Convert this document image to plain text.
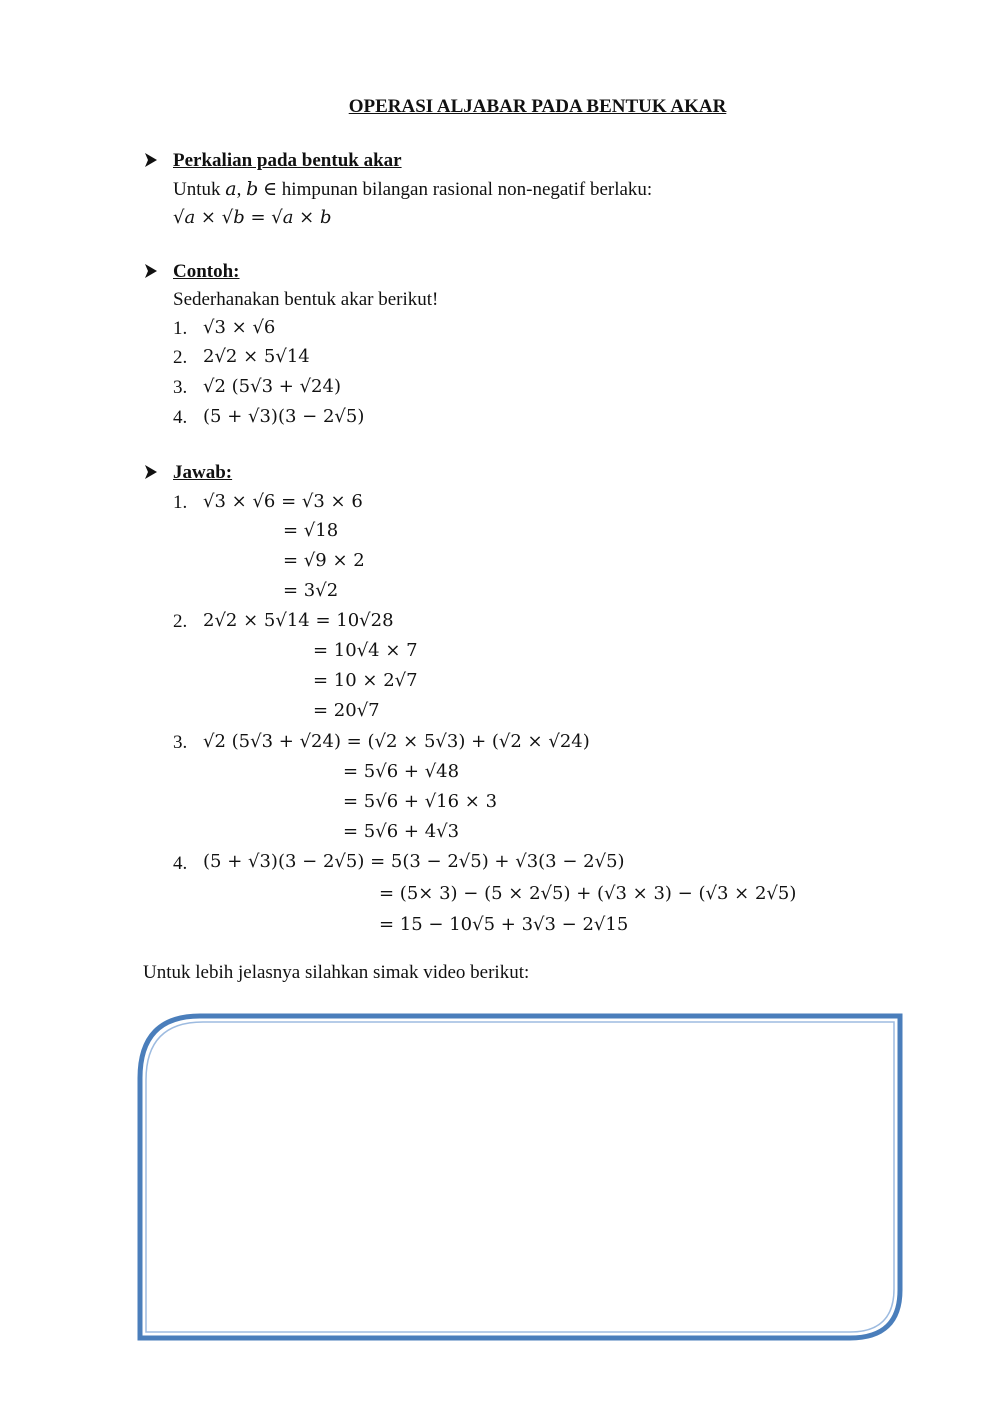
OPERASI ALJABAR PADA BENTUK AKAR
Perkalian pada bentuk akar
Untuk 𝑎, 𝑏 ∈ himpunan bilangan rasional non-negatif berlaku:
√𝑎 × √𝑏 = √𝑎 × 𝑏
Contoh:
Sederhanakan bentuk akar berikut!
1. √3 × √6
2. 2√2 × 5√14
3. √2 (5√3 + √24)
4. (5 + √3)(3 − 2√5)
Jawab:
1. √3 × √6 = √3 × 6
= √18
= √9 × 2
= 3√2
2. 2√2 × 5√14 = 10√28
= 10√4 × 7
= 10 × 2√7
= 20√7
3. √2 (5√3 + √24) = (√2 × 5√3) + (√2 × √24)
= 5√6 + √48
= 5√6 + √16 × 3
= 5√6 + 4√3
4. (5 + √3)(3 − 2√5) = 5(3 − 2√5) + √3(3 − 2√5)
= (5× 3) − (5 × 2√5) + (√3 × 3) − (√3 × 2√5)
= 15 − 10√5 + 3√3 − 2√15
Untuk lebih jelasnya silahkan simak video berikut:
